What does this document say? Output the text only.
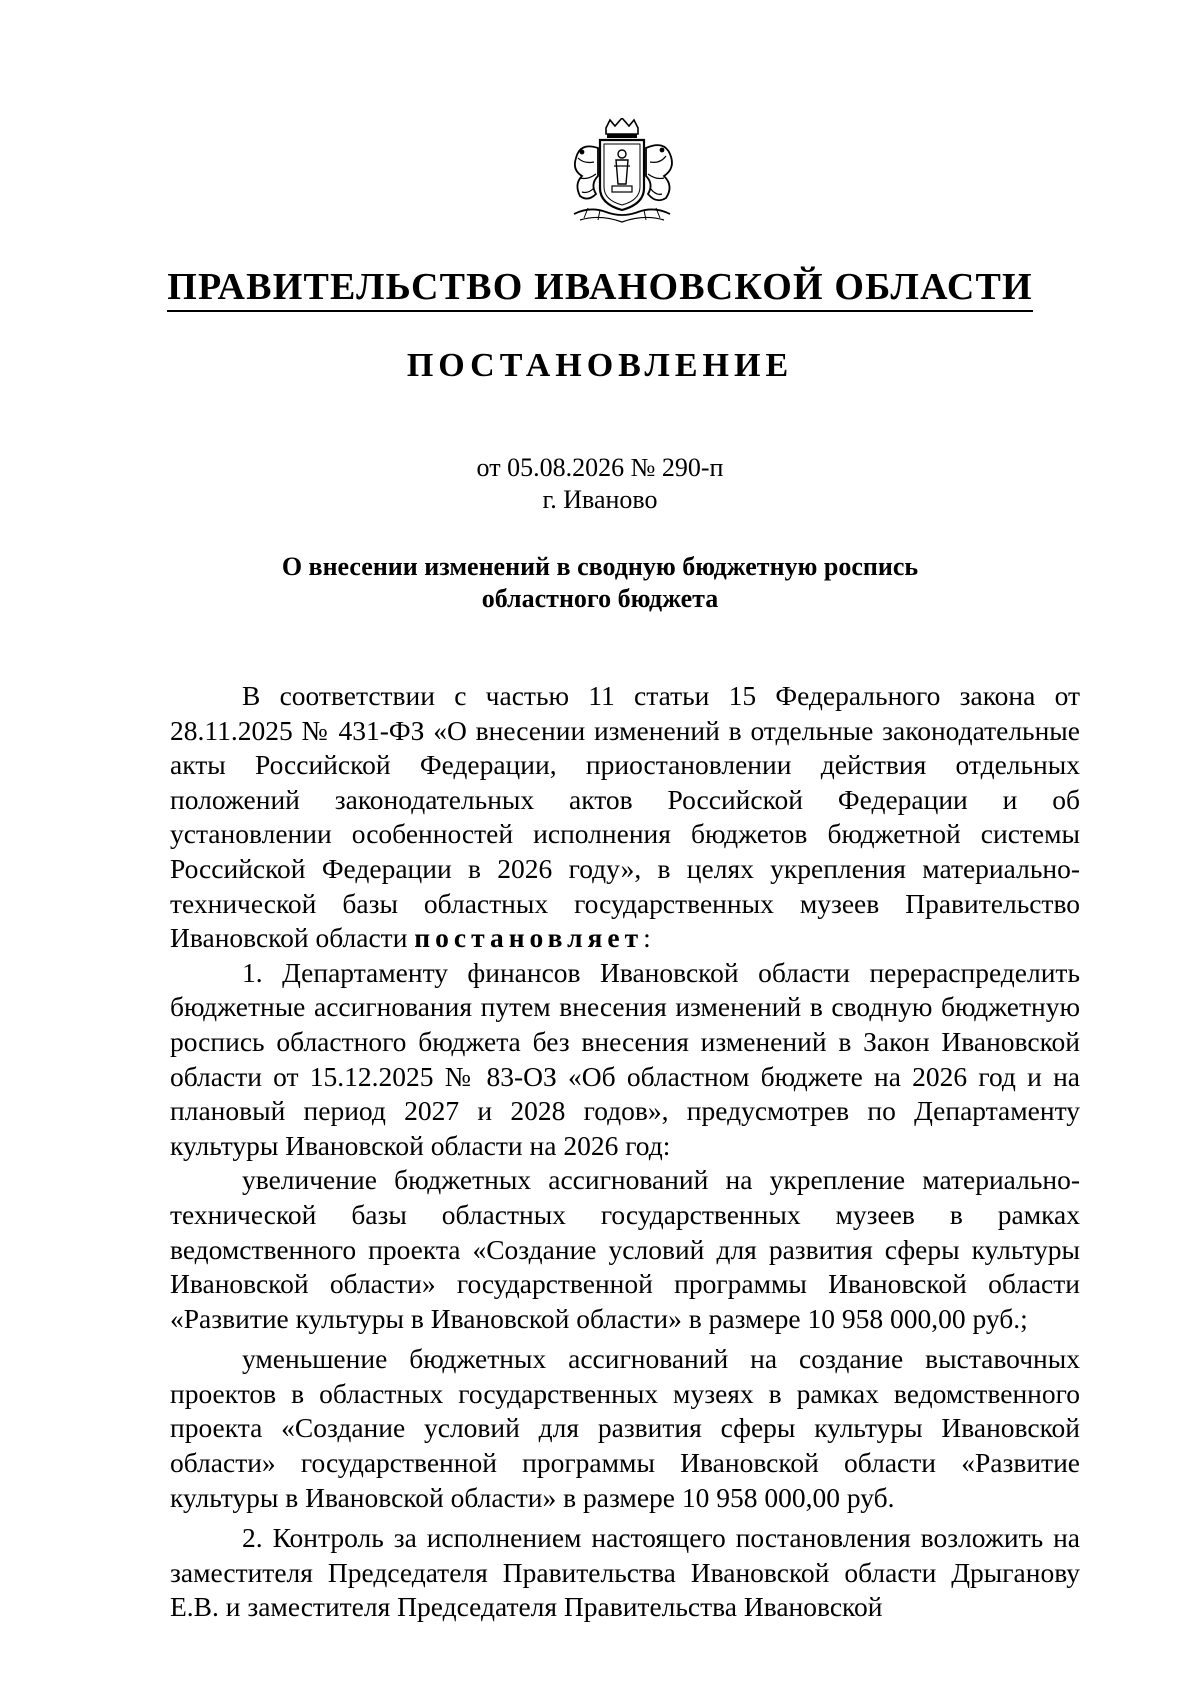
ПРАВИТЕЛЬСТВО ИВАНОВСКОЙ ОБЛАСТИ
ПОСТАНОВЛЕНИЕ
от 05.08.2026 № 290-п
г. Иваново
О внесении изменений в сводную бюджетную роспись
областного бюджета

В соответствии с частью 11 статьи 15 Федерального закона от 28.11.2025 № 431-ФЗ «О внесении изменений в отдельные законодательные акты Российской Федерации, приостановлении действия отдельных положений законодательных актов Российской Федерации и об установлении особенностей исполнения бюджетов бюджетной системы Российской Федерации в 2026 году», в целях укрепления материально-технической базы областных государственных музеев Правительство Ивановской области постановляет:

1. Департаменту финансов Ивановской области перераспределить бюджетные ассигнования путем внесения изменений в сводную бюджетную роспись областного бюджета без внесения изменений в Закон Ивановской области от 15.12.2025 № 83-ОЗ «Об областном бюджете на 2026 год и на плановый период 2027 и 2028 годов», предусмотрев по Департаменту культуры Ивановской области на 2026 год:

увеличение бюджетных ассигнований на укрепление материально-технической базы областных государственных музеев в рамках ведомственного проекта «Создание условий для развития сферы культуры Ивановской области» государственной программы Ивановской области «Развитие культуры в Ивановской области» в размере 10 958 000,00 руб.;

уменьшение бюджетных ассигнований на создание выставочных проектов в областных государственных музеях в рамках ведомственного проекта «Создание условий для развития сферы культуры Ивановской области» государственной программы Ивановской области «Развитие культуры в Ивановской области» в размере 10 958 000,00 руб.

2. Контроль за исполнением настоящего постановления возложить на заместителя Председателя Правительства Ивановской области Дрыганову Е.В. и заместителя Председателя Правительства Ивановской
